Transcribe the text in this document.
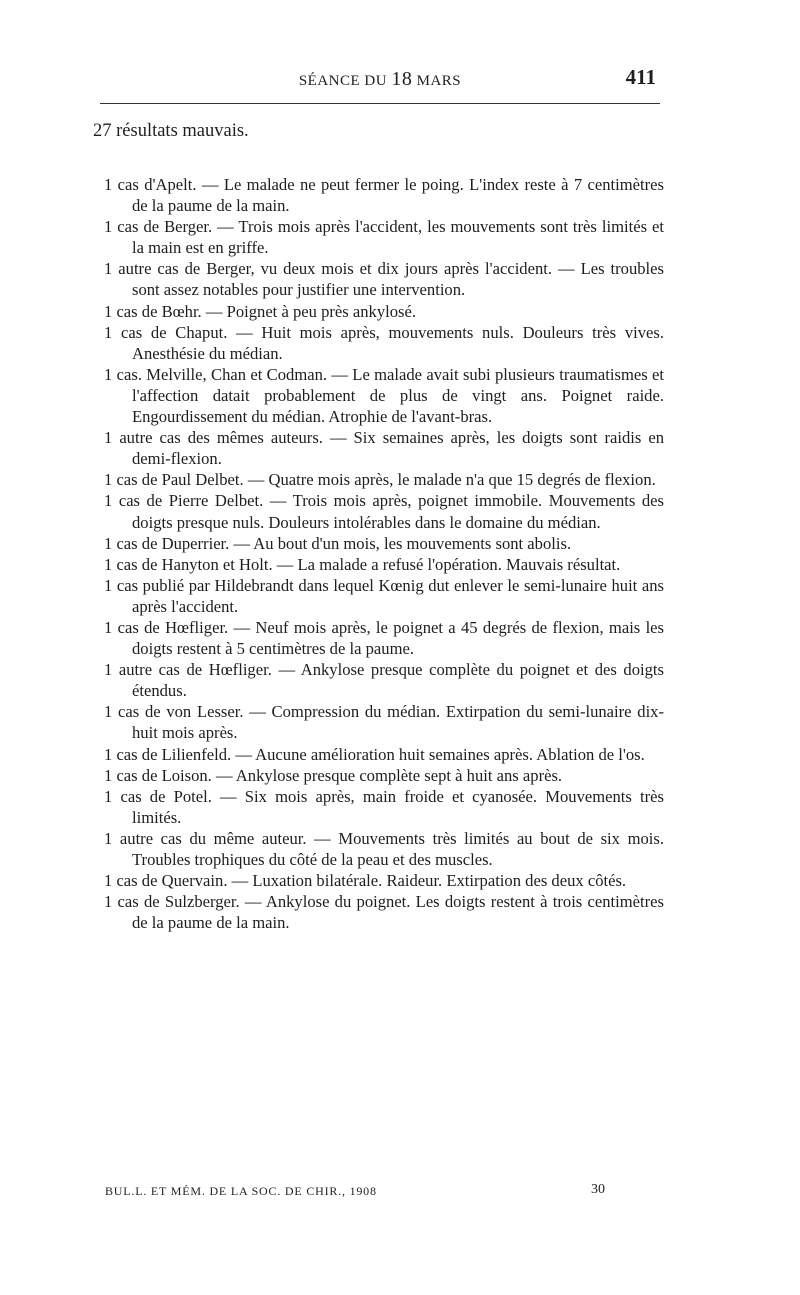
SÉANCE DU 18 MARS	411
27 résultats mauvais.
1 cas d'Apelt. — Le malade ne peut fermer le poing. L'index reste à 7 centimètres de la paume de la main.
1 cas de Berger. — Trois mois après l'accident, les mouvements sont très limités et la main est en griffe.
1 autre cas de Berger, vu deux mois et dix jours après l'accident. — Les troubles sont assez notables pour justifier une intervention.
1 cas de Bœhr. — Poignet à peu près ankylosé.
1 cas de Chaput. — Huit mois après, mouvements nuls. Douleurs très vives. Anesthésie du médian.
1 cas. Melville, Chan et Codman. — Le malade avait subi plusieurs traumatismes et l'affection datait probablement de plus de vingt ans. Poignet raide. Engourdissement du médian. Atrophie de l'avant-bras.
1 autre cas des mêmes auteurs. — Six semaines après, les doigts sont raidis en demi-flexion.
1 cas de Paul Delbet. — Quatre mois après, le malade n'a que 15 degrés de flexion.
1 cas de Pierre Delbet. — Trois mois après, poignet immobile. Mouvements des doigts presque nuls. Douleurs intolérables dans le domaine du médian.
1 cas de Duperrier. — Au bout d'un mois, les mouvements sont abolis.
1 cas de Hanyton et Holt. — La malade a refusé l'opération. Mauvais résultat.
1 cas publié par Hildebrandt dans lequel Kœnig dut enlever le semi-lunaire huit ans après l'accident.
1 cas de Hœfliger. — Neuf mois après, le poignet a 45 degrés de flexion, mais les doigts restent à 5 centimètres de la paume.
1 autre cas de Hœfliger. — Ankylose presque complète du poignet et des doigts étendus.
1 cas de von Lesser. — Compression du médian. Extirpation du semi-lunaire dix-huit mois après.
1 cas de Lilienfeld. — Aucune amélioration huit semaines après. Ablation de l'os.
1 cas de Loison. — Ankylose presque complète sept à huit ans après.
1 cas de Potel. — Six mois après, main froide et cyanosée. Mouvements très limités.
1 autre cas du même auteur. — Mouvements très limités au bout de six mois. Troubles trophiques du côté de la peau et des muscles.
1 cas de Quervain. — Luxation bilatérale. Raideur. Extirpation des deux côtés.
1 cas de Sulzberger. — Ankylose du poignet. Les doigts restent à trois centimètres de la paume de la main.
BUL.L. ET MÉM. DE LA SOC. DE CHIR., 1908	30
